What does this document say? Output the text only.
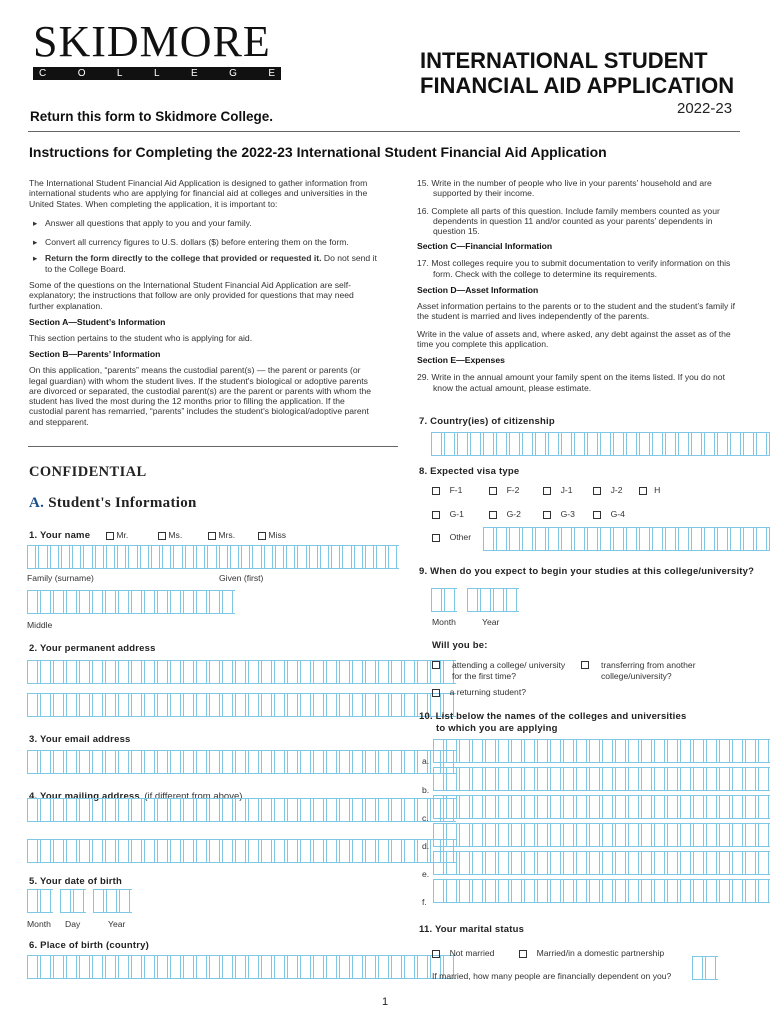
SKIDMORE
C	O	L	L	E	G	E
INTERNATIONAL STUDENT
FINANCIAL AID APPLICATION
2022-23
Return this form to Skidmore College.
Instructions for Completing the 2022-23 International Student Financial Aid Application
The International Student Financial Aid Application is designed to gather information from international students who are applying for financial aid at colleges and universities in the United States. When completing the application, it is important to:
Answer all questions that apply to you and your family.
Convert all currency figures to U.S. dollars ($) before entering them on the form.
Return the form directly to the college that provided or requested it. Do not send it to the College Board.
Some of the questions on the International Student Financial Aid Application are self-explanatory; the instructions that follow are only provided for questions that may need further explanation.
Section A—Student’s Information
This section pertains to the student who is applying for aid.
Section B—Parents’ Information
On this application, “parents” means the custodial parent(s) — the parent or parents (or legal guardian) with whom the student lives. If the student's biological or adoptive parents are divorced or separated, the custodial parent(s) are the parent or parents with whom the student has lived the most during the 12 months prior to filling the application. If the custodial parent has remarried, “parents” includes the student's biological/adoptive parent and stepparent.
15. Write in the number of people who live in your parents’ household and are supported by their income.
16. Complete all parts of this question. Include family members counted as your dependents in question 11 and/or counted as your parents’ dependents in question 15.
Section C—Financial Information
17. Most colleges require you to submit documentation to verify information on this form. Check with the college to determine its requirements.
Section D—Asset Information
Asset information pertains to the parents or to the student and the student’s family if the student is married and lives independently of the parents.
Write in the value of assets and, where asked, any debt against the asset as of the time you complete this application.
Section E—Expenses
29. Write in the annual amount your family spent on the items listed. If you do not know the actual amount, please estimate.
CONFIDENTIAL
A. Student's Information
1. Your name	Mr.	Ms.	Mrs.	Miss
Family (surname)	Given (first)
Middle
2. Your permanent address
3. Your email address
4. Your mailing address (if different from above)
5. Your date of birth
Month Day	Year
6. Place of birth (country)
7. Country(ies) of citizenship
8. Expected visa type
F-1	F-2	J-1	J-2	H
G-1	G-2	G-3	G-4
Other
9. When do you expect to begin your studies at this college/university?
Month	Year
Will you be:
attending a college/ university for the first time?
transferring from another college/university?
a returning student?
10. List below the names of the colleges and universities
to which you are applying
a.
b.
c.
d.
e.
f.
11. Your marital status
Not married	Married/in a domestic partnership
If married, how many people are financially dependent on you?
1
